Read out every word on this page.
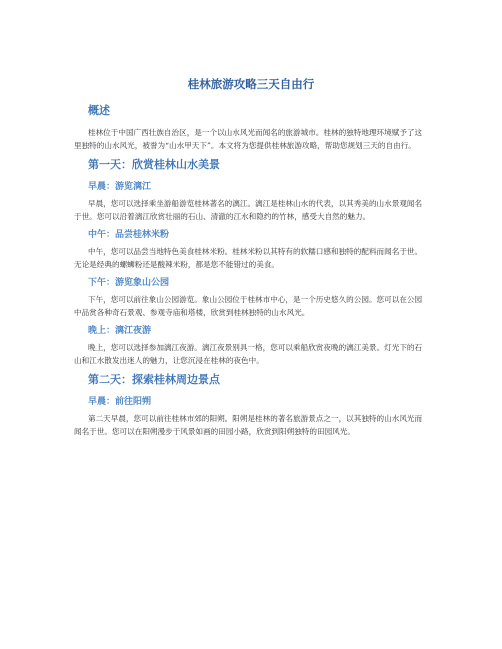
桂林旅游攻略三天自由行
概述

桂林位于中国广西壮族自治区，是一个以山水风光而闻名的旅游城市。桂林的独特地理环境赋予了这里独特的山水风光，被誉为“山水甲天下”。本文将为您提供桂林旅游攻略，帮助您规划三天的自由行。

第一天：欣赏桂林山水美景
早晨：游览漓江

早晨，您可以选择乘坐游船游览桂林著名的漓江。漓江是桂林山水的代表，以其秀美的山水景观闻名于世。您可以沿着漓江欣赏壮丽的石山、清澈的江水和隐约的竹林，感受大自然的魅力。

中午：品尝桂林米粉

中午，您可以品尝当地特色美食桂林米粉。桂林米粉以其特有的软糯口感和独特的配料而闻名于世。无论是经典的螺蛳粉还是酸辣米粉，都是您不能错过的美食。

下午：游览象山公园

下午，您可以前往象山公园游览。象山公园位于桂林市中心，是一个历史悠久的公园。您可以在公园中品赏各种奇石景观、参观寺庙和塔楼，欣赏到桂林独特的山水风光。

晚上：漓江夜游

晚上，您可以选择参加漓江夜游。漓江夜景别具一格，您可以乘船欣赏夜晚的漓江美景。灯光下的石山和江水散发出迷人的魅力，让您沉浸在桂林的夜色中。

第二天：探索桂林周边景点
早晨：前往阳朔

第二天早晨，您可以前往桂林市郊的阳朔。阳朔是桂林的著名旅游景点之一，以其独特的山水风光而闻名于世。您可以在阳朔漫步于风景如画的田园小路，欣赏到阳朔独特的田园风光。
